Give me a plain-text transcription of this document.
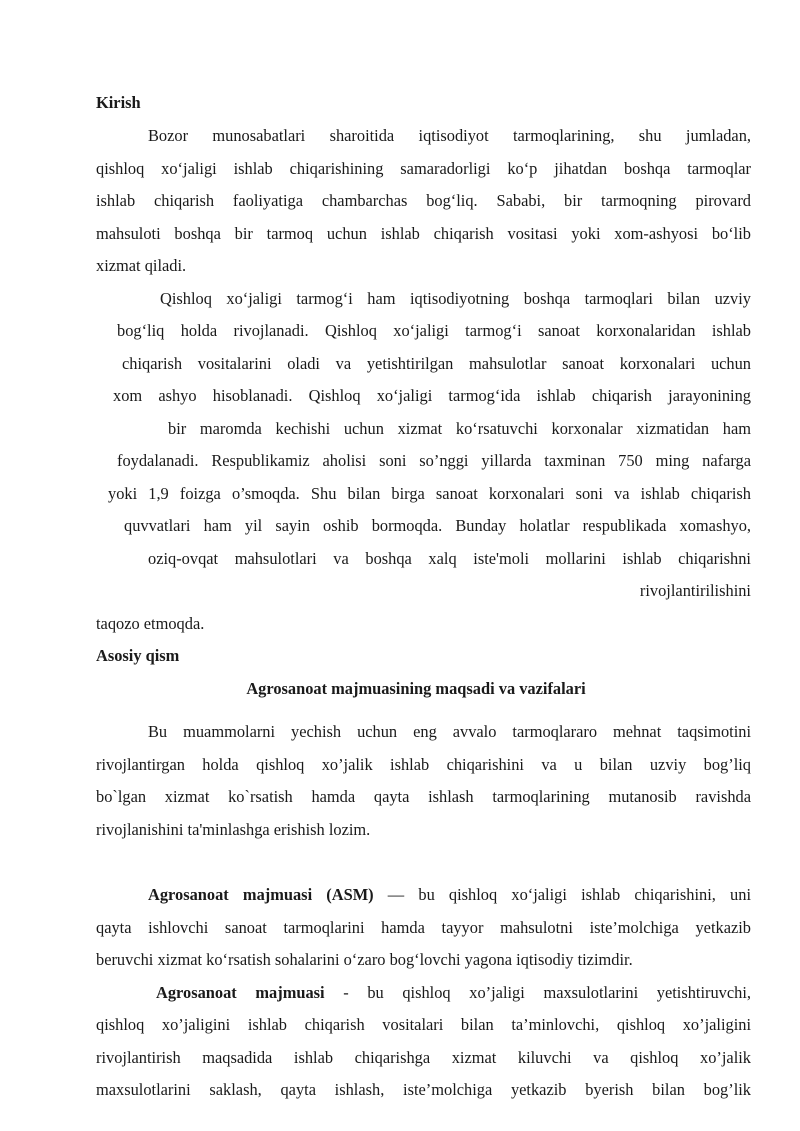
Kirish
Bozor munosabatlari sharoitida iqtisodiyot tarmoqlarining, shu jumladan,
qishloq xo‘jaligi ishlab chiqarishining samaradorligi ko‘p jihatdan boshqa tarmoqlar
ishlab chiqarish faoliyatiga chambarchas bog‘liq. Sababi, bir tarmoqning pirovard
mahsuloti boshqa bir tarmoq uchun ishlab chiqarish vositasi yoki xom-ashyosi bo‘lib
xizmat qiladi.
Qishloq xo‘jaligi tarmog‘i ham iqtisodiyotning boshqa tarmoqlari bilan uzviy
bog‘liq holda rivojlanadi. Qishloq xo‘jaligi tarmog‘i sanoat korxonalaridan ishlab
chiqarish vositalarini oladi va yetishtirilgan mahsulotlar sanoat korxonalari uchun
xom ashyo hisoblanadi. Qishloq xo‘jaligi tarmog‘ida ishlab chiqarish jarayonining
bir maromda kechishi uchun xizmat ko‘rsatuvchi korxonalar xizmatidan ham
foydalanadi. Respublikamiz aholisi soni so’nggi yillarda taxminan 750 ming nafarga
yoki 1,9 foizga o’smoqda. Shu bilan birga sanoat korxonalari soni va ishlab chiqarish
quvvatlari ham yil sayin oshib bormoqda. Bunday holatlar respublikada xomashyo,
oziq-ovqat mahsulotlari va boshqa xalq iste'moli mollarini ishlab chiqarishni
rivojlantirilishini
taqozo etmoqda.
Asosiy qism
Agrosanoat majmuasining maqsadi va vazifalari
Bu muammolarni yechish uchun eng avvalo tarmoqlararo mehnat taqsimotini
rivojlantirgan holda qishloq xo’jalik ishlab chiqarishini va u bilan uzviy bog’liq
bo`lgan xizmat ko`rsatish hamda qayta ishlash tarmoqlarining mutanosib ravishda
rivojlanishini ta'minlashga erishish lozim.
Agrosanoat majmuasi (ASM) — bu qishloq xo‘jaligi ishlab chiqarishini, uni
qayta ishlovchi sanoat tarmoqlarini hamda tayyor mahsulotni iste’molchiga yetkazib
beruvchi xizmat ko‘rsatish sohalarini o‘zaro bog‘lovchi yagona iqtisodiy tizimdir.
Agrosanoat majmuasi - bu qishloq xo’jaligi maxsulotlarini yetishtiruvchi,
qishloq xo’jaligini ishlab chiqarish vositalari bilan ta’minlovchi, qishloq xo’jaligini
rivojlantirish maqsadida ishlab chiqarishga xizmat kiluvchi va qishloq xo’jalik
maxsulotlarini saklash, qayta ishlash, iste’molchiga yetkazib byerish bilan bog’lik
